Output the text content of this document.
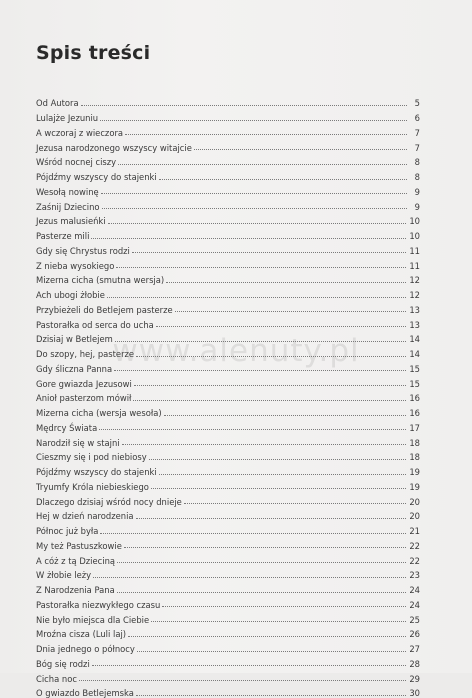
Spis treści
Od Autora	5
Lulajże Jezuniu	6
A wczoraj z wieczora	7
Jezusa narodzonego wszyscy witajcie	7
Wśród nocnej ciszy	8
Pójdźmy wszyscy do stajenki	8
Wesołą nowinę	9
Zaśnij Dziecino	9
Jezus malusieńki	10
Pasterze mili	10
Gdy się Chrystus rodzi	11
Z nieba wysokiego	11
Mizerna cicha (smutna wersja)	12
Ach ubogi żłobie	12
Przybieżeli do Betlejem pasterze	13
Pastorałka od serca do ucha	13
Dzisiaj w Betlejem	14
Do szopy, hej, pasterze	14
Gdy śliczna Panna	15
Gore gwiazda Jezusowi	15
Anioł pasterzom mówił	16
Mizerna cicha (wersja wesoła)	16
Mędrcy Świata	17
Narodził się w stajni	18
Cieszmy się i pod niebiosy	18
Pójdźmy wszyscy do stajenki	19
Tryumfy Króla niebieskiego	19
Dlaczego dzisiaj wśród nocy dnieje	20
Hej w dzień narodzenia	20
Północ już była	21
My też Pastuszkowie	22
A cóż z tą Dzieciną	22
W żłobie leży	23
Z Narodzenia Pana	24
Pastorałka niezwykłego czasu	24
Nie było miejsca dla Ciebie	25
Mroźna cisza (Luli laj)	26
Dnia jednego o północy	27
Bóg się rodzi	28
Cicha noc	29
O gwiazdo Betlejemska	30
www.alenuty.pl
